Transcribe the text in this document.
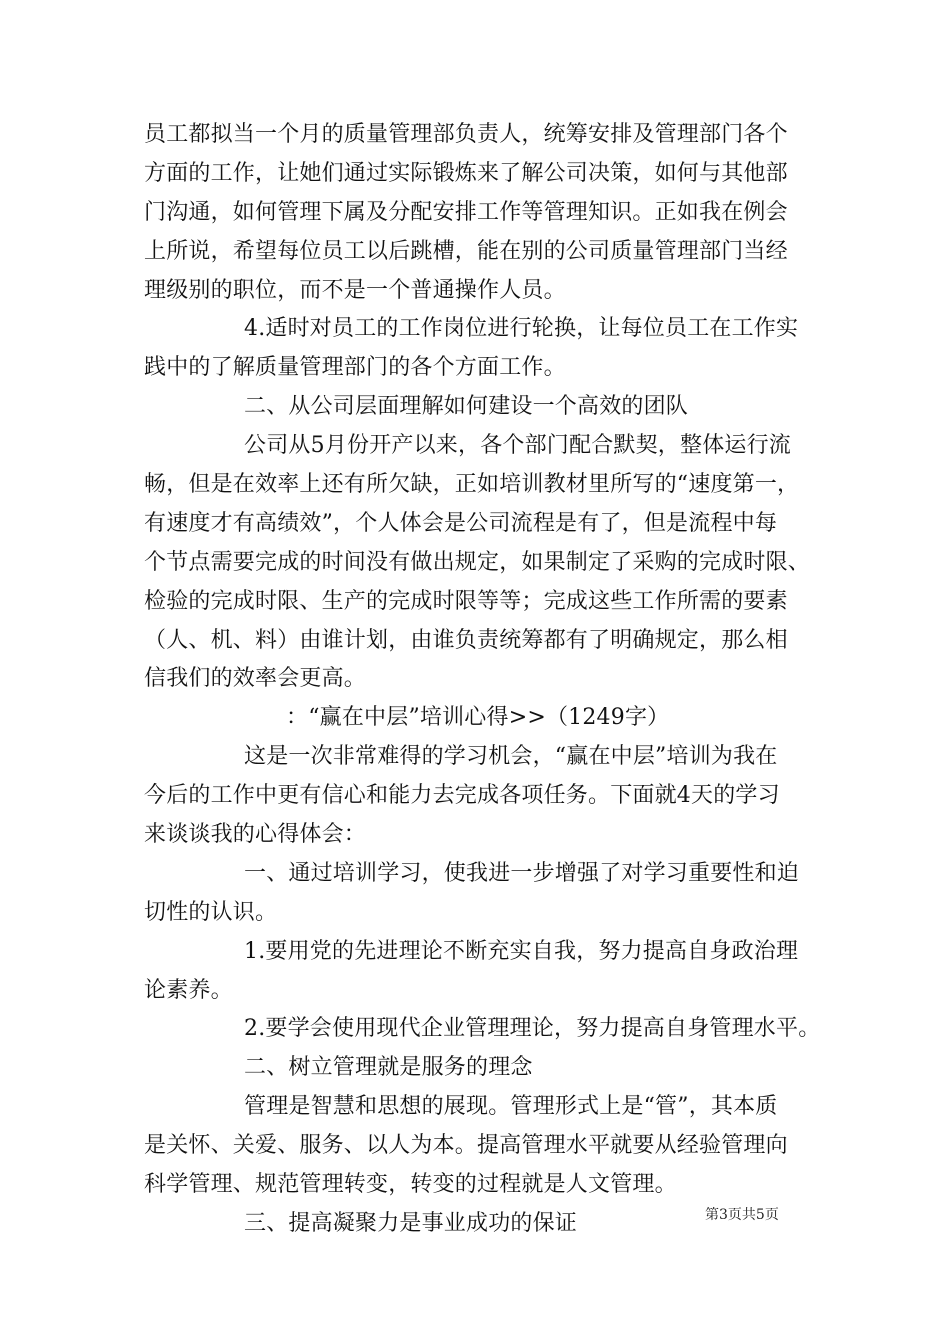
员工都拟当一个月的质量管理部负责人，统筹安排及管理部门各个
方面的工作，让她们通过实际锻炼来了解公司决策，如何与其他部
门沟通，如何管理下属及分配安排工作等管理知识。正如我在例会
上所说，希望每位员工以后跳槽，能在别的公司质量管理部门当经
理级别的职位，而不是一个普通操作人员。
4.适时对员工的工作岗位进行轮换，让每位员工在工作实
践中的了解质量管理部门的各个方面工作。
二、从公司层面理解如何建设一个高效的团队
公司从5月份开产以来，各个部门配合默契，整体运行流
畅，但是在效率上还有所欠缺，正如培训教材里所写的“速度第一，
有速度才有高绩效”，个人体会是公司流程是有了，但是流程中每
个节点需要完成的时间没有做出规定，如果制定了采购的完成时限、
检验的完成时限、生产的完成时限等等；完成这些工作所需的要素
（人、机、料）由谁计划，由谁负责统筹都有了明确规定，那么相
信我们的效率会更高。
：“赢在中层”培训心得>>（1249字）
这是一次非常难得的学习机会，“赢在中层”培训为我在
今后的工作中更有信心和能力去完成各项任务。下面就4天的学习
来谈谈我的心得体会：
一、通过培训学习，使我进一步增强了对学习重要性和迫
切性的认识。
1.要用党的先进理论不断充实自我，努力提高自身政治理
论素养。
2.要学会使用现代企业管理理论，努力提高自身管理水平。
二、树立管理就是服务的理念
管理是智慧和思想的展现。管理形式上是“管”，其本质
是关怀、关爱、服务、以人为本。提高管理水平就要从经验管理向
科学管理、规范管理转变，转变的过程就是人文管理。
三、提高凝聚力是事业成功的保证	第3页共5页
